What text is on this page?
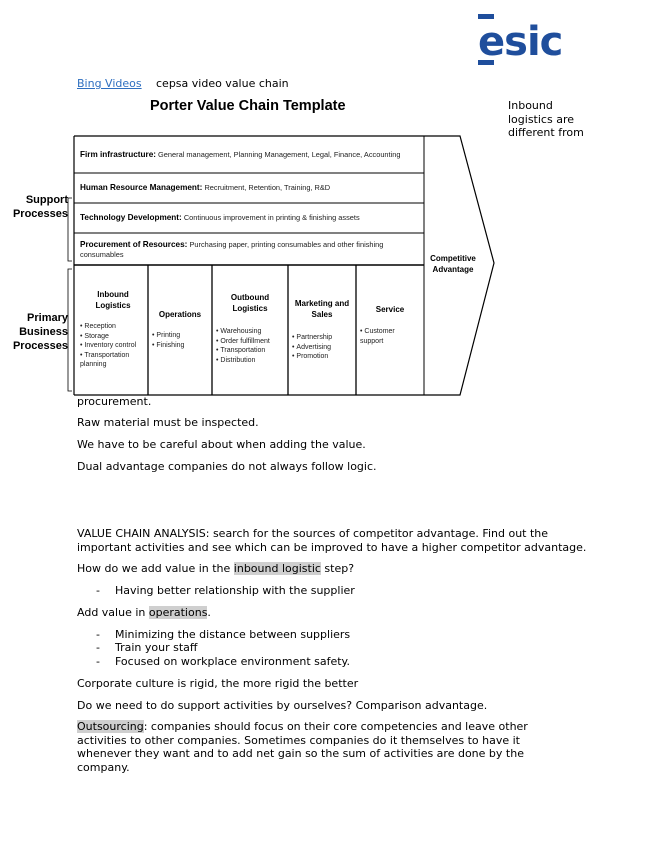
esic
Bing Videos cepsa video value chain
Porter Value Chain Template	Inbound logistics are different from
Support Processes
Primary Business Processes
Firm infrastructure: General management, Planning Management, Legal, Finance, Accounting
Human Resource Management: Recruitment, Retention, Training, R&D
Technology Development: Continuous improvement in printing & finishing assets
Procurement of Resources: Purchasing paper, printing consumables and other finishing consumables
Inbound Logistics
• Reception
• Storage
• Inventory control
• Transportation planning
Operations
• Printing
• Finishing
Outbound Logistics
• Warehousing
• Order fulfillment
• Transportation
• Distribution
Marketing and Sales
• Partnership
• Advertising
• Promotion
Service
• Customer support
Competitive Advantage
procurement.
Raw material must be inspected.
We have to be careful about when adding the value.
Dual advantage companies do not always follow logic.
VALUE CHAIN ANALYSIS: search for the sources of competitor advantage. Find out the important activities and see which can be improved to have a higher competitor advantage.
How do we add value in the inbound logistic step?
- Having better relationship with the supplier
Add value in operations.
- Minimizing the distance between suppliers
- Train your staff
- Focused on workplace environment safety.
Corporate culture is rigid, the more rigid the better
Do we need to do support activities by ourselves? Comparison advantage.
Outsourcing: companies should focus on their core competencies and leave other activities to other companies. Sometimes companies do it themselves to have it whenever they want and to add net gain so the sum of activities are done by the company.
